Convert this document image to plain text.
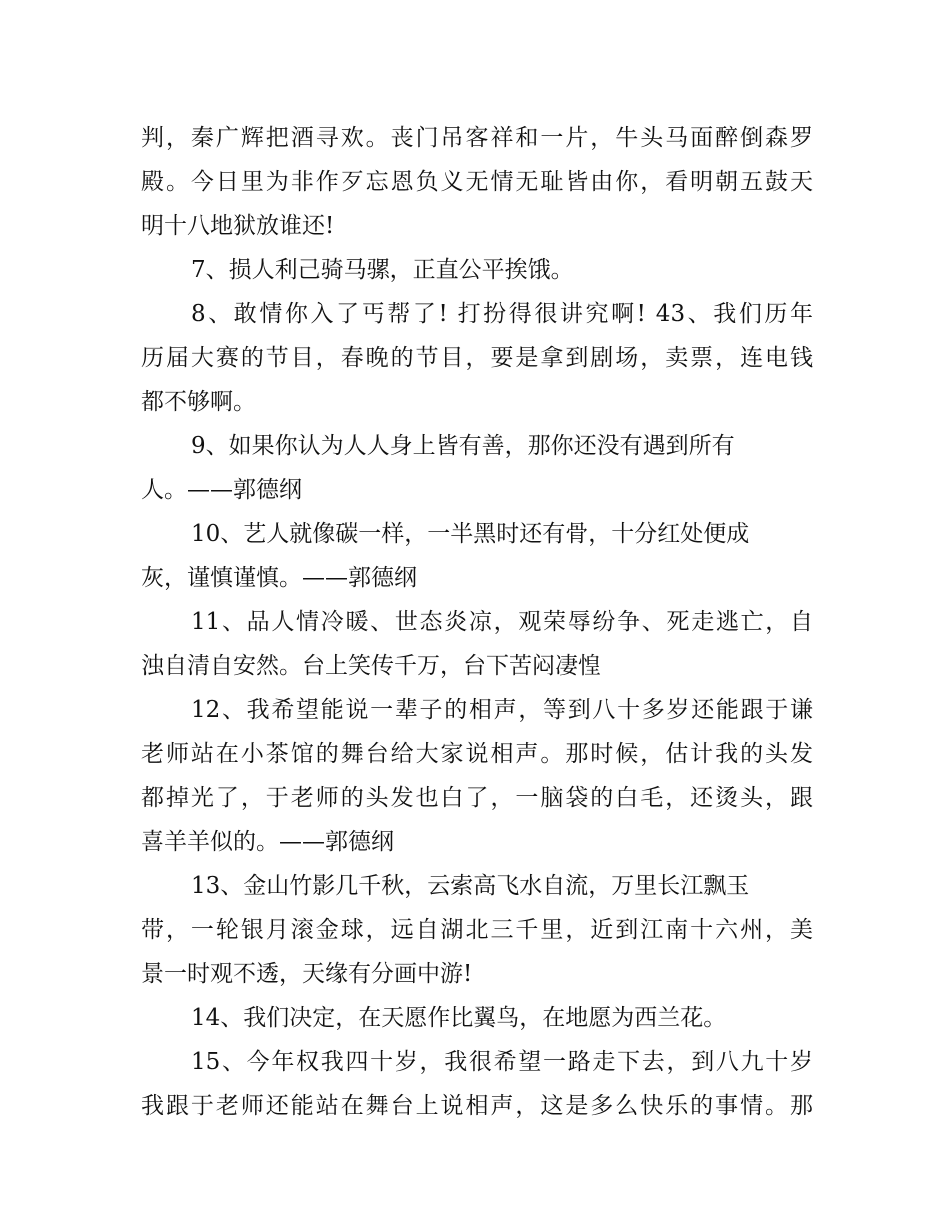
判，秦广辉把酒寻欢。丧门吊客祥和一片，牛头马面醉倒森罗
殿。今日里为非作歹忘恩负义无情无耻皆由你，看明朝五鼓天
明十八地狱放谁还!
7、损人利己骑马骡，正直公平挨饿。
8、敢情你入了丐帮了! 打扮得很讲究啊! 43、我们历年
历届大赛的节目，春晚的节目，要是拿到剧场，卖票，连电钱
都不够啊。
9、如果你认为人人身上皆有善，那你还没有遇到所有
人。——郭德纲
10、艺人就像碳一样，一半黑时还有骨，十分红处便成
灰，谨慎谨慎。——郭德纲
11、品人情冷暖、世态炎凉，观荣辱纷争、死走逃亡，自
浊自清自安然。台上笑传千万，台下苦闷凄惶
12、我希望能说一辈子的相声，等到八十多岁还能跟于谦
老师站在小茶馆的舞台给大家说相声。那时候，估计我的头发
都掉光了，于老师的头发也白了，一脑袋的白毛，还烫头，跟
喜羊羊似的。——郭德纲
13、金山竹影几千秋，云索高飞水自流，万里长江飘玉
带，一轮银月滚金球，远自湖北三千里，近到江南十六州，美
景一时观不透，天缘有分画中游!
14、我们决定，在天愿作比翼鸟，在地愿为西兰花。
15、今年权我四十岁，我很希望一路走下去，到八九十岁
我跟于老师还能站在舞台上说相声，这是多么快乐的事情。那
